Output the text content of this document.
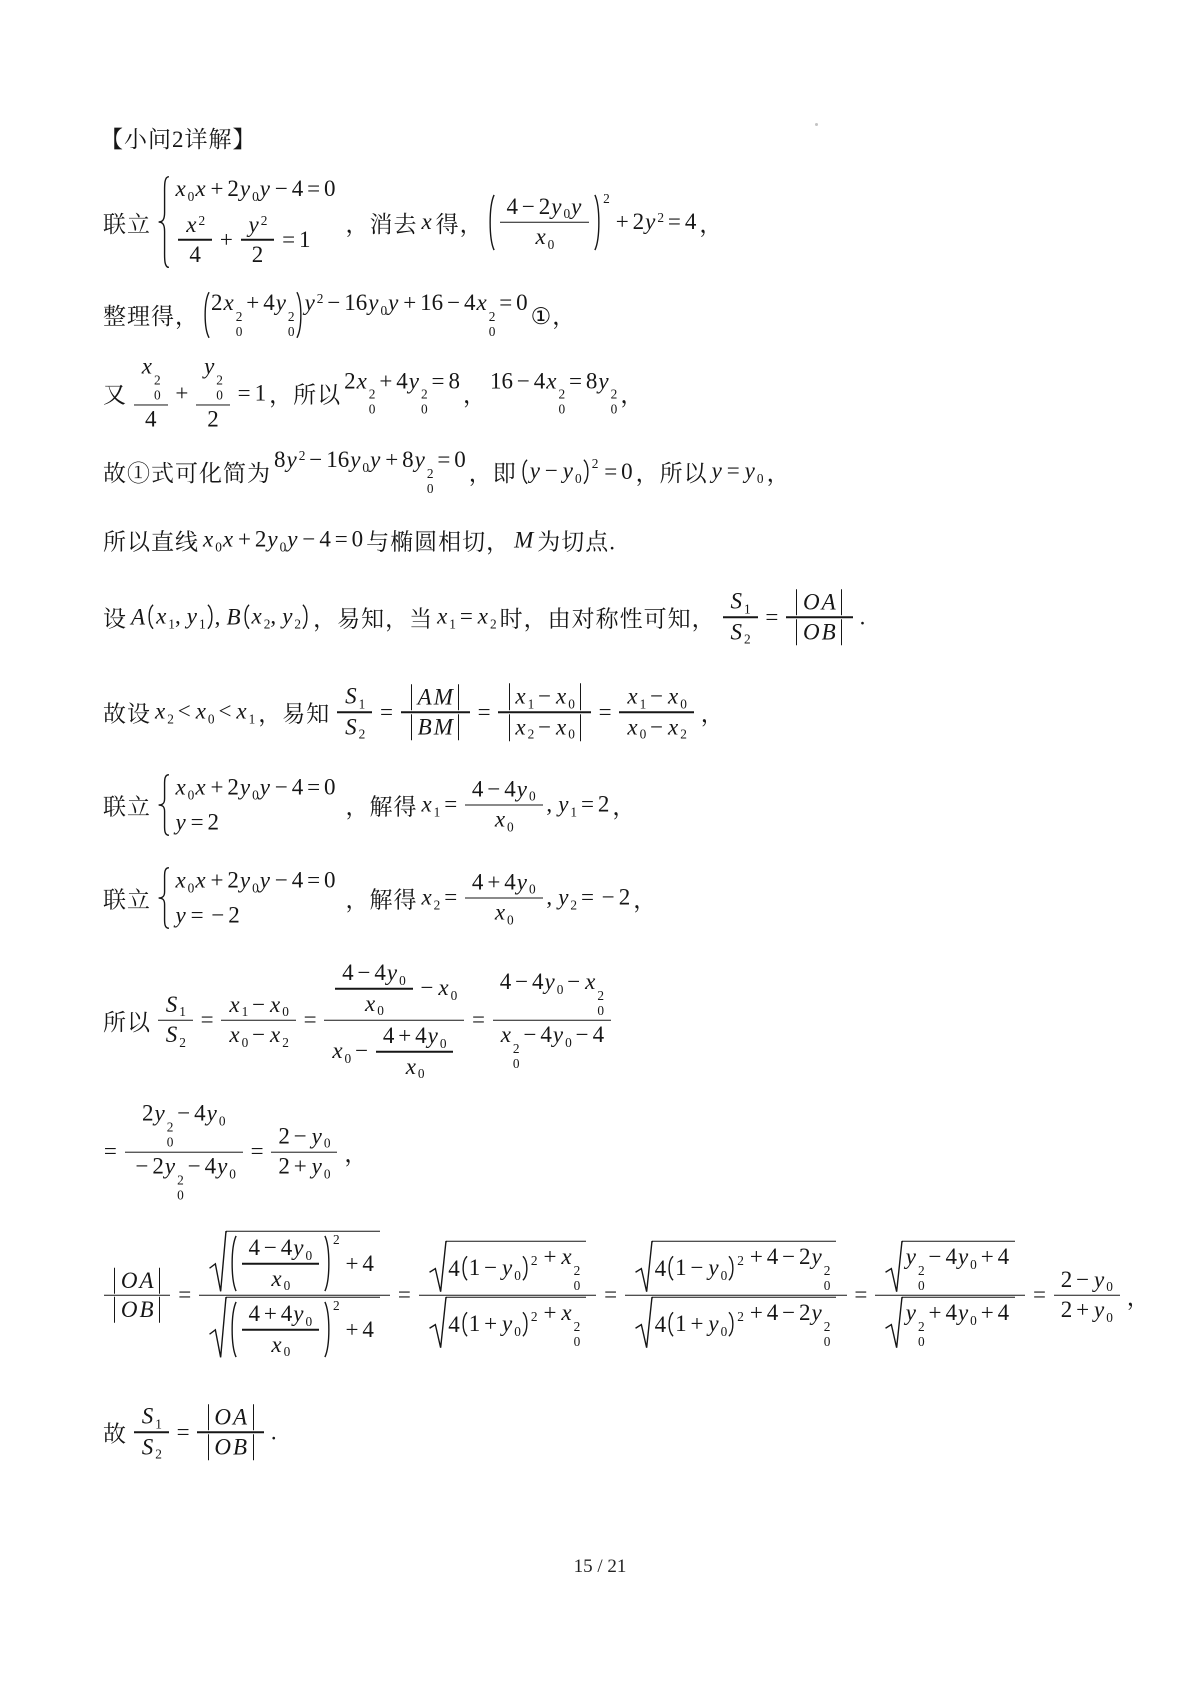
【小问2详解】
联立
x $_0$x + 2y $_0$y − 4 = 0
$\frac{x ^2}{4} + \frac{y ^2}{2} = 1$
，消去 x 得， $\frac{4 - 2y _0y}{x _0} 2$
+ 2y $^2$ = 4 ，
整理得，
2x
2
0
+ 4y
2
0
y $^2$ − 16y $_0$y + 16 − 4x
2
0
= 0
①，
又 x
2
0
4 + y
2
0
2 = 1 ，所以
2x
2
0
+ 4y
2
0
= 8
，
16 − 4x
2
0
= 8y
2
0
，
故①式可化简为
8y $^2$ − 16y $_0$y + 8y
2
0
= 0
，即 y − y $_0$
2 = 0 ，所以 y = y $_0$ ，
所以直线 x $_0$x + 2y $_0$y − 4 = 0 与椭圆相切， M 为切点.
设 A x $_1$, y $_1$ , B x $_2$, y $_2$ ，易知，当 x $_1$ = x $_2$ 时，由对称性可知， $\frac{S _1}{S _2} = \frac{OA}{OB}$ .
故设 x $_2$ < x $_0$ < x $_1$ ，易知 $\frac{S _1}{S _2} = \frac{AM}{BM} = \frac{x _1 - x _0}{x _2 - x _0} = \frac{x _1 - x _0}{x _0 - x _2}$ ，
联立
x $_0$x + 2y $_0$y − 4 = 0
y = 2
，解得 x $_1 = \frac{4 - 4y _0}{x _0}$ , y $_1$ = 2 ，
联立
x $_0$x + 2y $_0$y − 4 = 0
y = − 2
，解得 x $_2 = \frac{4 + 4y _0}{x _0}$ , y $_2$ = − 2 ，
所以 $\frac{S _1}{S _2} = \frac{x _1 - x _0}{x _0 - x _2} = \frac{\frac{4 - 4y _0}{x _0} - x _0}{x _0 - \frac{4 + 4y _0}{x _0}} = 4 - 4y$ $_0$ − x
2
0
x
2
0
− 4y $_0$ − 4
= 2y
2
0
− 4y $_0$
− 2y
2
0
− 4y $_0 = \frac{2 - y _0}{2 + y _0}$ ，
$\frac{OA}{OB} = \frac{4 - 4y _0}{x _0} 2$
+ 4
$\frac{4 + 4y _0}{x _0} 2$
+ 4 = 4 1 − y $_0$
2 + x
2
0
4 1 + y $_0$
2 + x
2
0 = 4 1 − y $_0$
2 + 4 − 2y
2
0
4 1 + y $_0$
2 + 4 − 2y
2
0 = y
2
0
− 4y $_0$ + 4
y
2
0
+ 4y $_0 + 4 = \frac{2 - y _0}{2 + y _0}$ ，
故 $\frac{S _1}{S _2} = \frac{OA}{OB}$ .
15 / 21
